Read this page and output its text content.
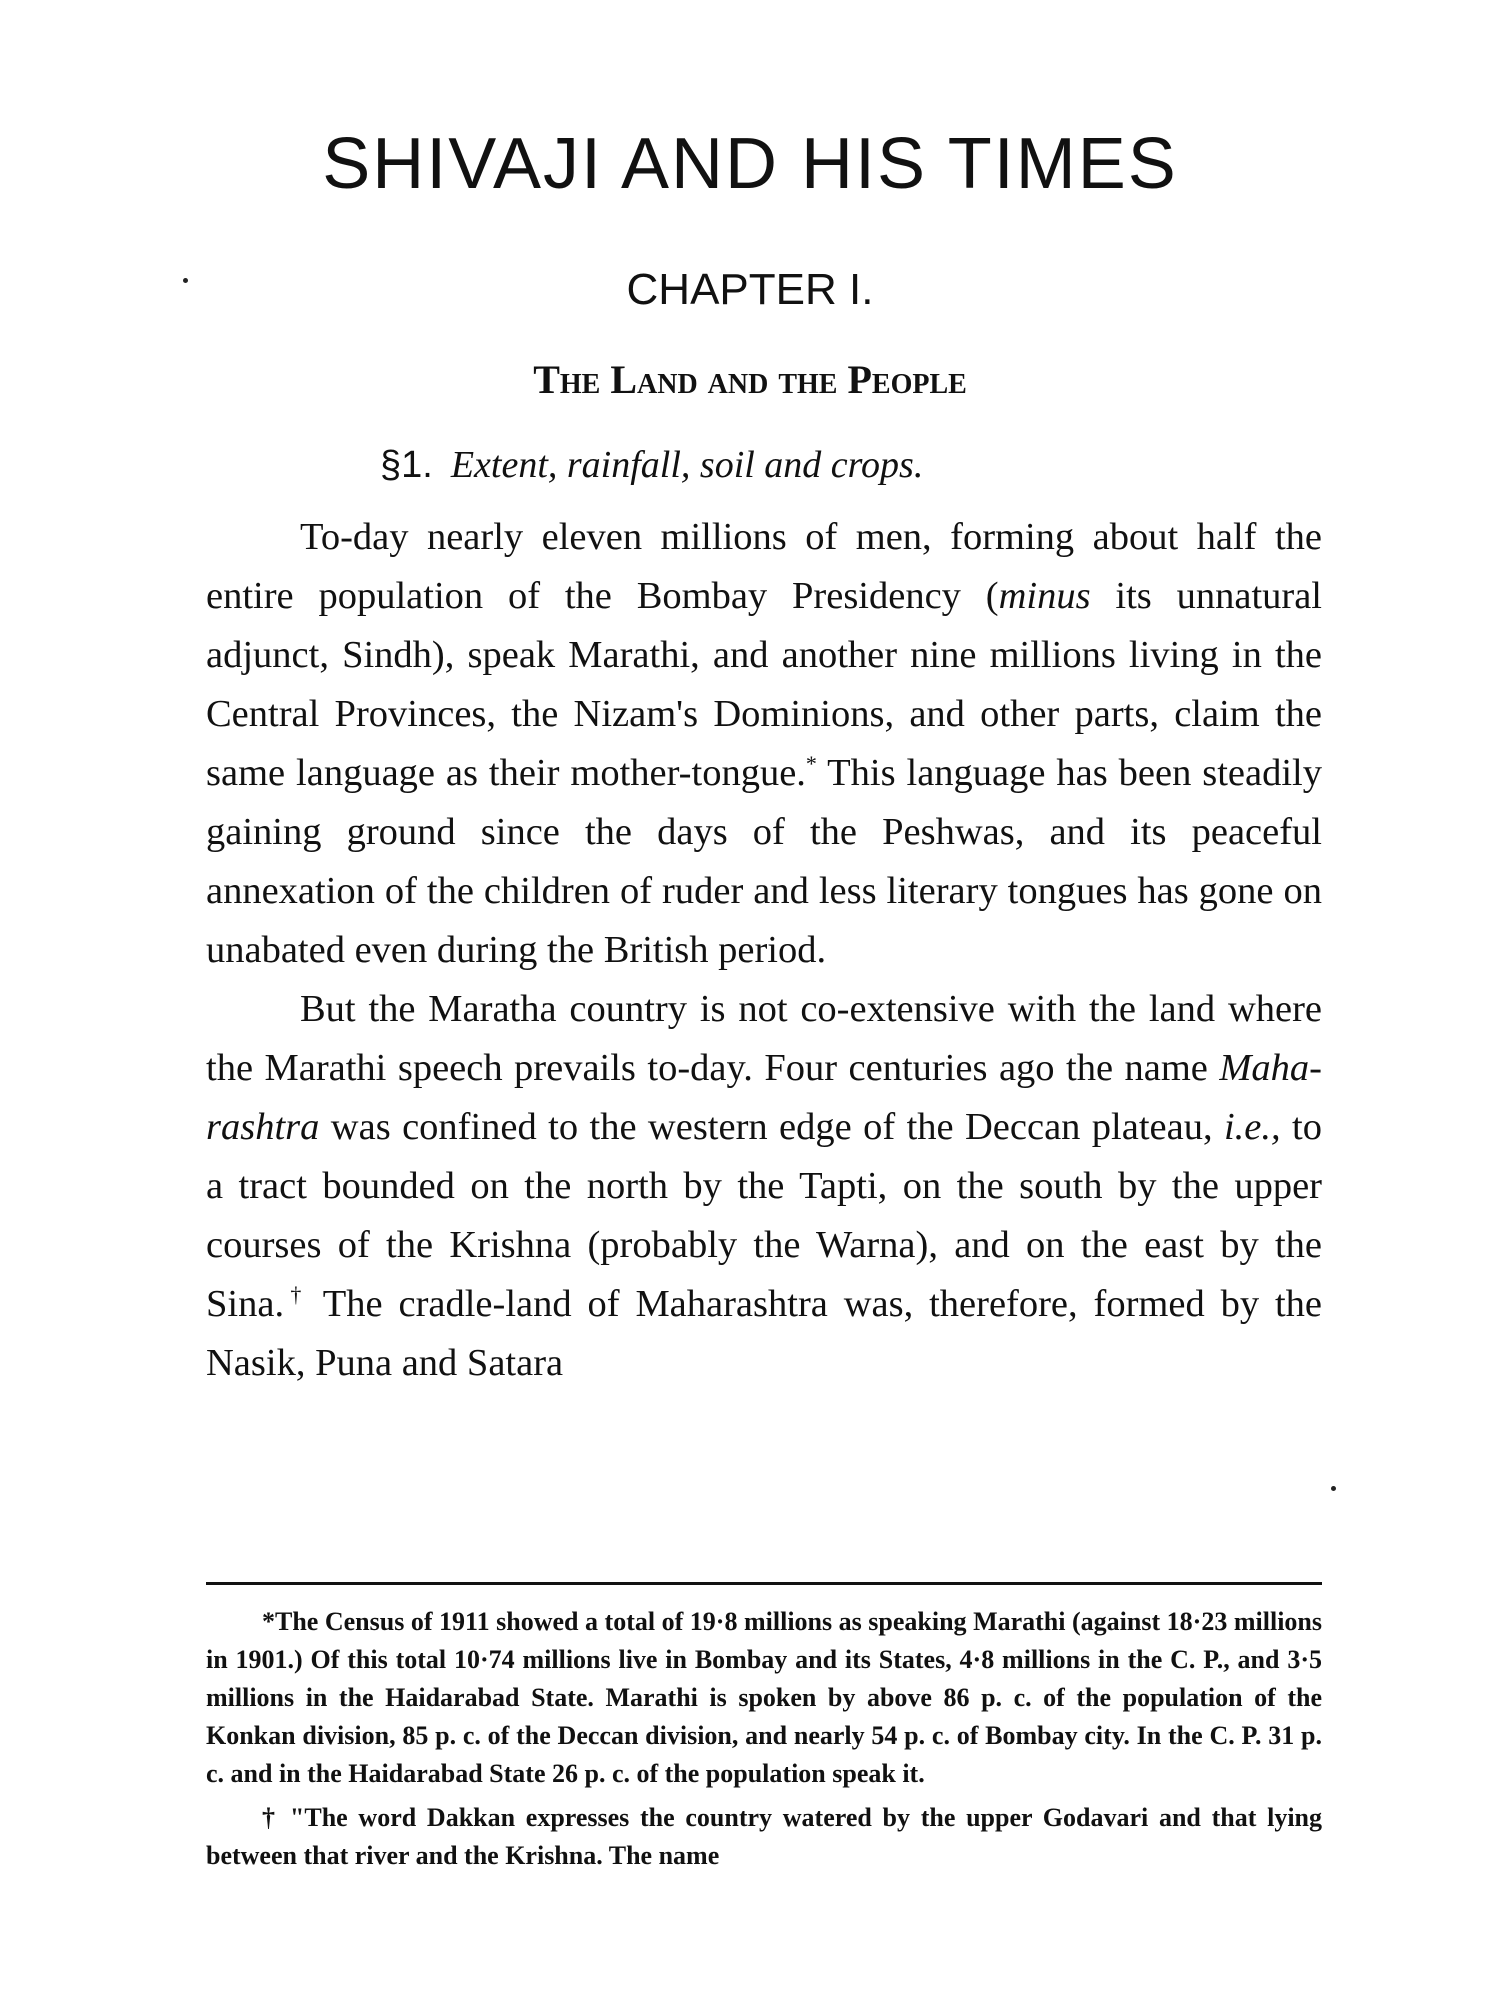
SHIVAJI AND HIS TIMES
CHAPTER I.
The Land and the People
§1. Extent, rainfall, soil and crops.

To-day nearly eleven millions of men, forming about half the entire population of the Bombay Presidency (minus its unnatural adjunct, Sindh), speak Marathi, and another nine millions living in the Central Provinces, the Nizam's Dominions, and other parts, claim the same language as their mother-tongue.* This language has been steadily gaining ground since the days of the Peshwas, and its peaceful annexation of the children of ruder and less literary tongues has gone on unabated even during the British period.

But the Maratha country is not co-extensive with the land where the Marathi speech prevails to-day. Four centuries ago the name Maha-rashtra was confined to the western edge of the Deccan plateau, i.e., to a tract bounded on the north by the Tapti, on the south by the upper courses of the Krishna (probably the Warna), and on the east by the Sina.† The cradle-land of Maharashtra was, therefore, formed by the Nasik, Puna and Satara

*The Census of 1911 showed a total of 19·8 millions as speaking Marathi (against 18·23 millions in 1901.) Of this total 10·74 millions live in Bombay and its States, 4·8 millions in the C. P., and 3·5 millions in the Haidarabad State. Marathi is spoken by above 86 p. c. of the population of the Konkan division, 85 p. c. of the Deccan division, and nearly 54 p. c. of Bombay city. In the C. P. 31 p. c. and in the Haidarabad State 26 p. c. of the population speak it.

† "The word Dakkan expresses the country watered by the upper Godavari and that lying between that river and the Krishna. The name
